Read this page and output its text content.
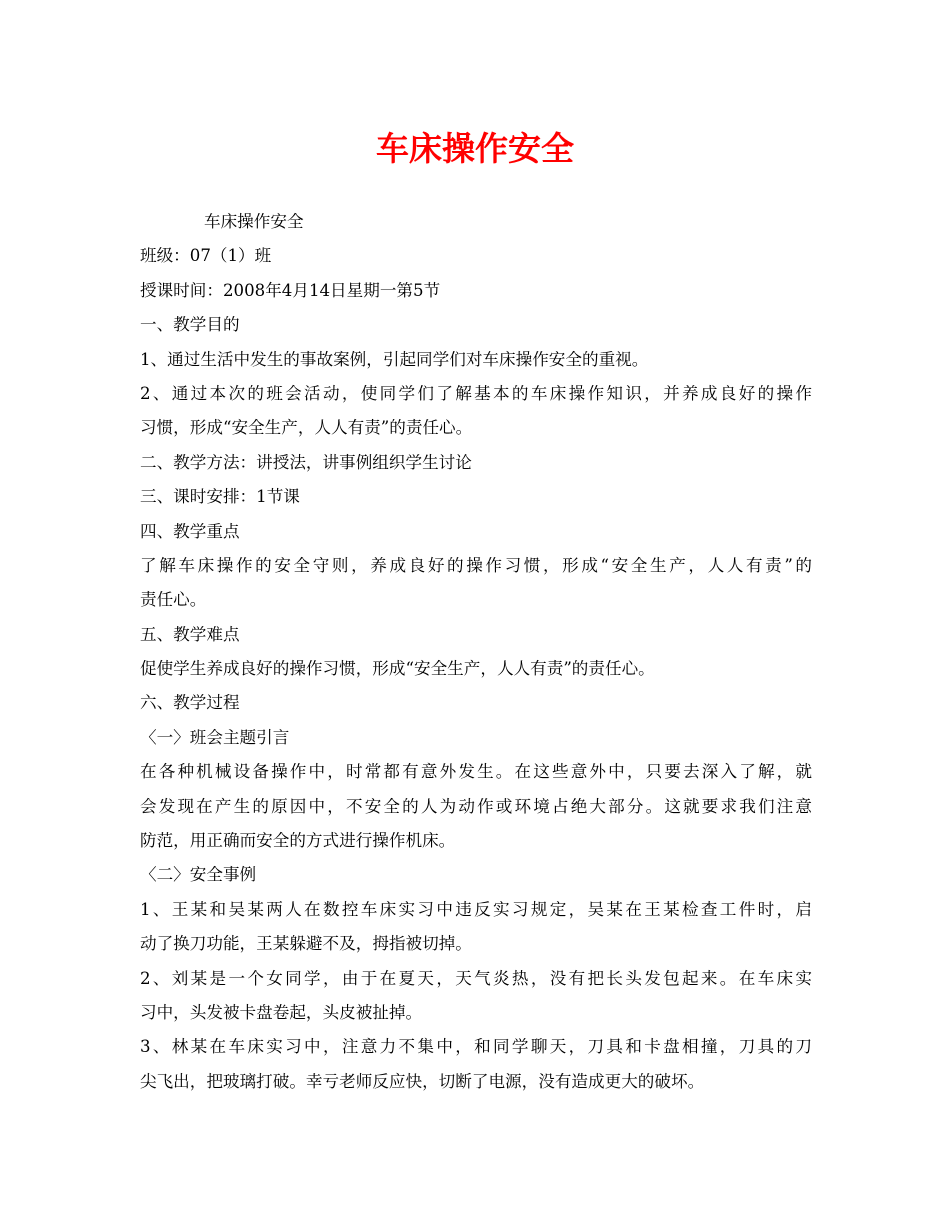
车床操作安全
车床操作安全
班级：07（1）班
授课时间：2008年4月14日星期一第5节
一、教学目的
1、通过生活中发生的事故案例，引起同学们对车床操作安全的重视。
2、通过本次的班会活动，使同学们了解基本的车床操作知识，并养成良好的操作
习惯，形成“安全生产，人人有责”的责任心。
二、教学方法：讲授法，讲事例组织学生讨论
三、课时安排：1节课
四、教学重点
了解车床操作的安全守则，养成良好的操作习惯，形成“安全生产，人人有责”的
责任心。
五、教学难点
促使学生养成良好的操作习惯，形成“安全生产，人人有责”的责任心。
六、教学过程
〈一〉班会主题引言
在各种机械设备操作中，时常都有意外发生。在这些意外中，只要去深入了解，就
会发现在产生的原因中，不安全的人为动作或环境占绝大部分。这就要求我们注意
防范，用正确而安全的方式进行操作机床。
〈二〉安全事例
1、王某和吴某两人在数控车床实习中违反实习规定，吴某在王某检查工件时，启
动了换刀功能，王某躲避不及，拇指被切掉。
2、刘某是一个女同学，由于在夏天，天气炎热，没有把长头发包起来。在车床实
习中，头发被卡盘卷起，头皮被扯掉。
3、林某在车床实习中，注意力不集中，和同学聊天，刀具和卡盘相撞，刀具的刀
尖飞出，把玻璃打破。幸亏老师反应快，切断了电源，没有造成更大的破坏。
